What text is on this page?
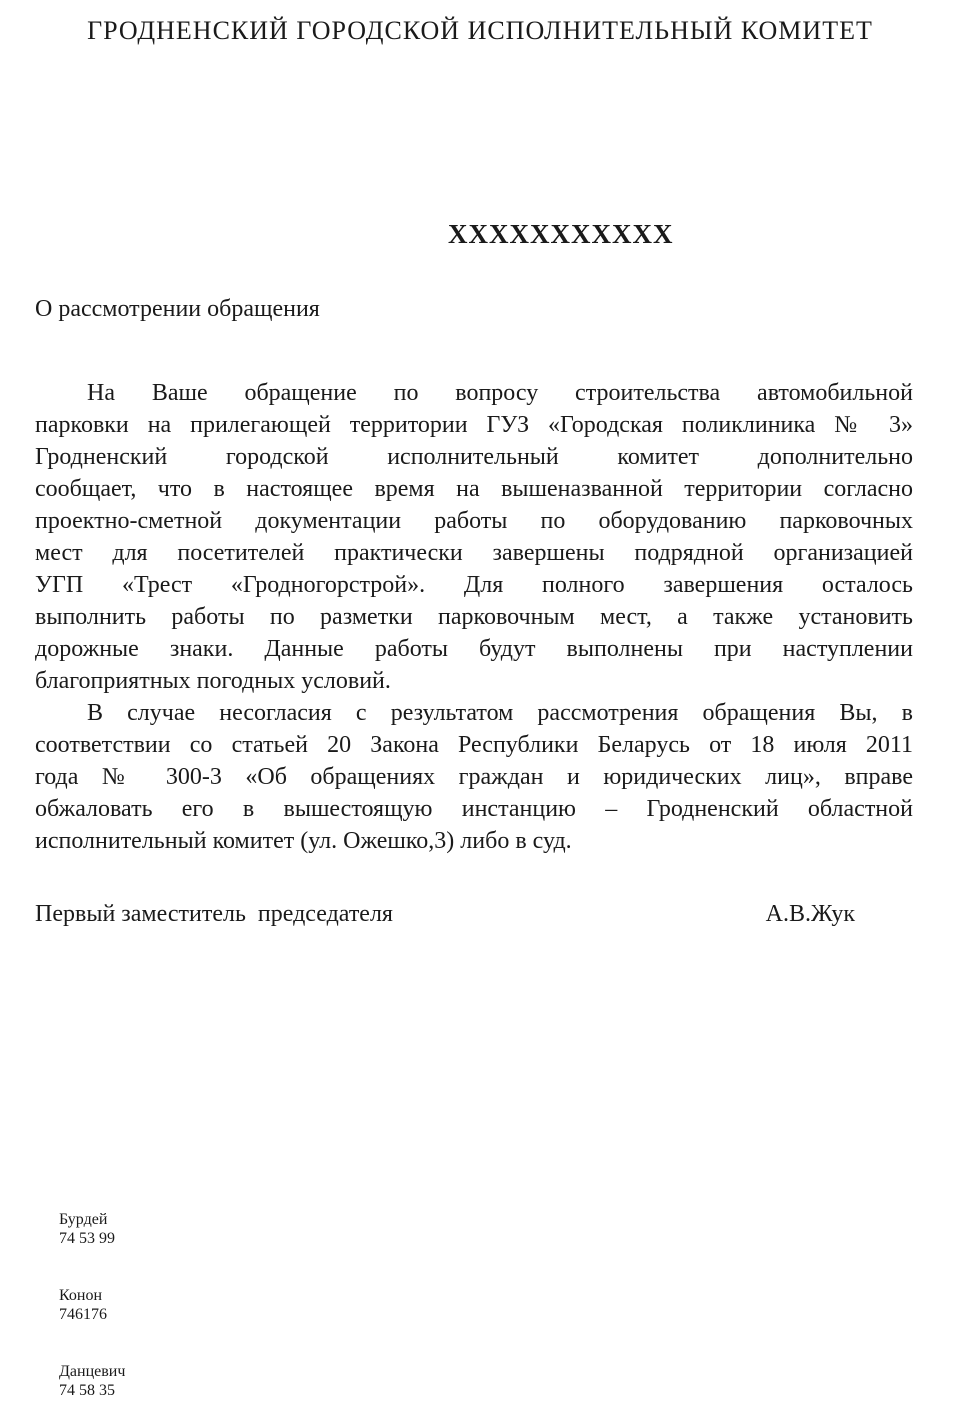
ГРОДНЕНСКИЙ ГОРОДСКОЙ ИСПОЛНИТЕЛЬНЫЙ КОМИТЕТ
ХХХХХХХХХХХ
О рассмотрении обращения
На Ваше обращение по вопросу строительства автомобильной
парковки на прилегающей территории ГУЗ «Городская поликлиника № 3»
Гродненский городской исполнительный комитет дополнительно
сообщает, что в настоящее время на вышеназванной территории согласно
проектно-сметной документации работы по оборудованию парковочных
мест для посетителей практически завершены подрядной организацией
УГП «Трест «Гродногорстрой». Для полного завершения осталось
выполнить работы по разметки парковочным мест, а также установить
дорожные знаки. Данные работы будут выполнены при наступлении
благоприятных погодных условий.
В случае несогласия с результатом рассмотрения обращения Вы, в
соответствии со статьей 20 Закона Республики Беларусь от 18 июля 2011
года № 300-3 «Об обращениях граждан и юридических лиц», вправе
обжаловать его в вышестоящую инстанцию – Гродненский областной
исполнительный комитет (ул. Ожешко,3) либо в суд.
Первый заместитель  председателя	А.В.Жук

Бурдей
74 53 99

Конон
746176

Данцевич
74 58 35
